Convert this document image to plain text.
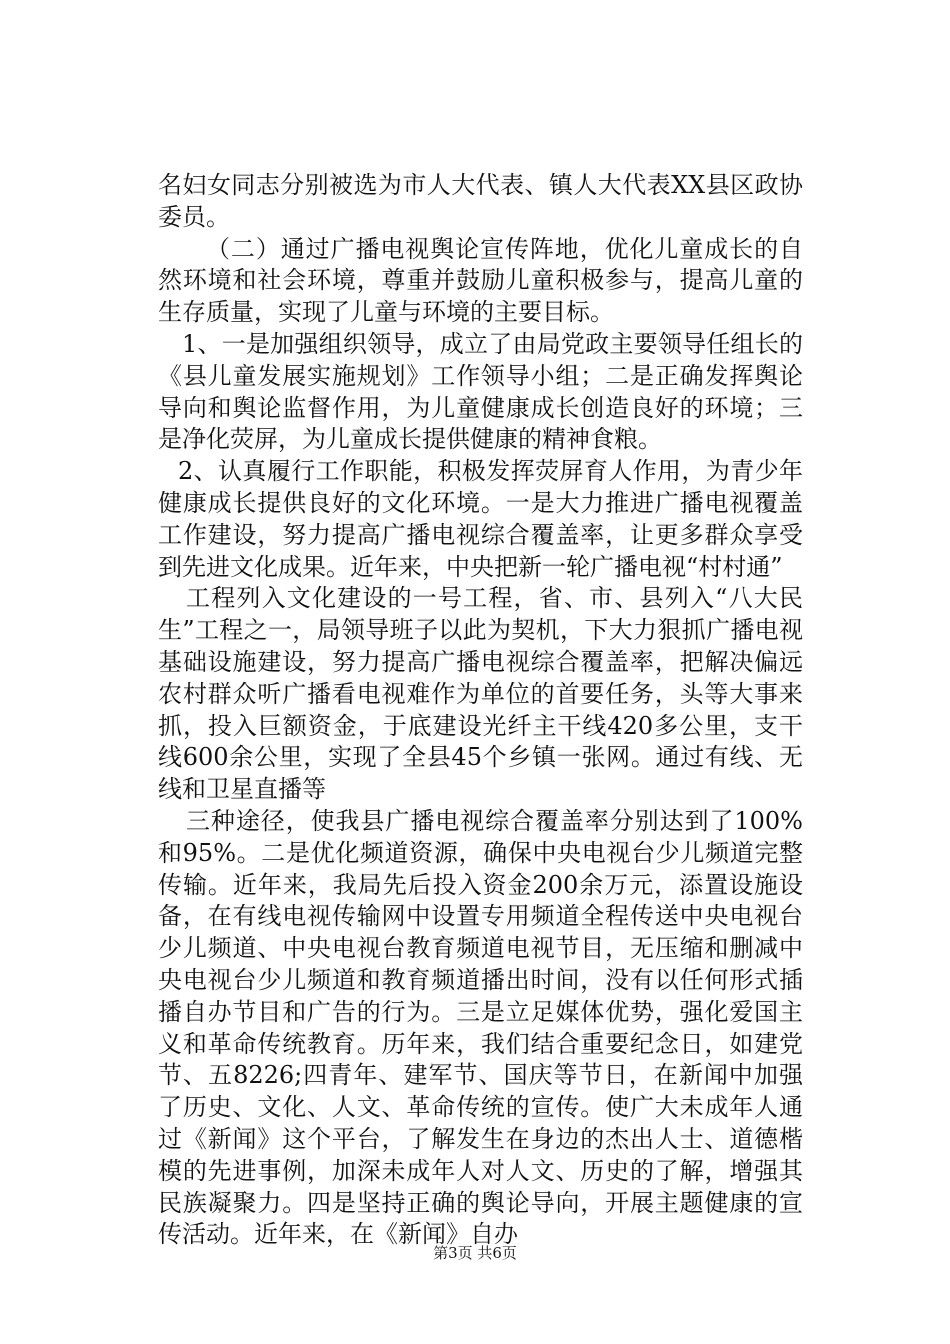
名妇女同志分别被选为市人大代表、镇人大代表XX县区政协委员。

（二）通过广播电视舆论宣传阵地，优化儿童成长的自然环境和社会环境，尊重并鼓励儿童积极参与，提高儿童的生存质量，实现了儿童与环境的主要目标。

1、一是加强组织领导，成立了由局党政主要领导任组长的《县儿童发展实施规划》工作领导小组；二是正确发挥舆论导向和舆论监督作用，为儿童健康成长创造良好的环境；三是净化荧屏，为儿童成长提供健康的精神食粮。

2、认真履行工作职能，积极发挥荧屏育人作用，为青少年健康成长提供良好的文化环境。一是大力推进广播电视覆盖工作建设，努力提高广播电视综合覆盖率，让更多群众享受到先进文化成果。近年来，中央把新一轮广播电视“村村通”

工程列入文化建设的一号工程，省、市、县列入“八大民生”工程之一，局领导班子以此为契机，下大力狠抓广播电视基础设施建设，努力提高广播电视综合覆盖率，把解决偏远农村群众听广播看电视难作为单位的首要任务，头等大事来抓，投入巨额资金，于底建设光纤主干线420多公里，支干线600余公里，实现了全县45个乡镇一张网。通过有线、无线和卫星直播等

三种途径，使我县广播电视综合覆盖率分别达到了100%和95%。二是优化频道资源，确保中央电视台少儿频道完整传输。近年来，我局先后投入资金200余万元，添置设施设备，在有线电视传输网中设置专用频道全程传送中央电视台少儿频道、中央电视台教育频道电视节目，无压缩和删减中央电视台少儿频道和教育频道播出时间，没有以任何形式插播自办节目和广告的行为。三是立足媒体优势，强化爱国主义和革命传统教育。历年来，我们结合重要纪念日，如建党节、五8226;四青年、建军节、国庆等节日，在新闻中加强了历史、文化、人文、革命传统的宣传。使广大未成年人通过《新闻》这个平台，了解发生在身边的杰出人士、道德楷模的先进事例，加深未成年人对人文、历史的了解，增强其民族凝聚力。四是坚持正确的舆论导向，开展主题健康的宣传活动。近年来，在《新闻》自办

第3页 共6页
